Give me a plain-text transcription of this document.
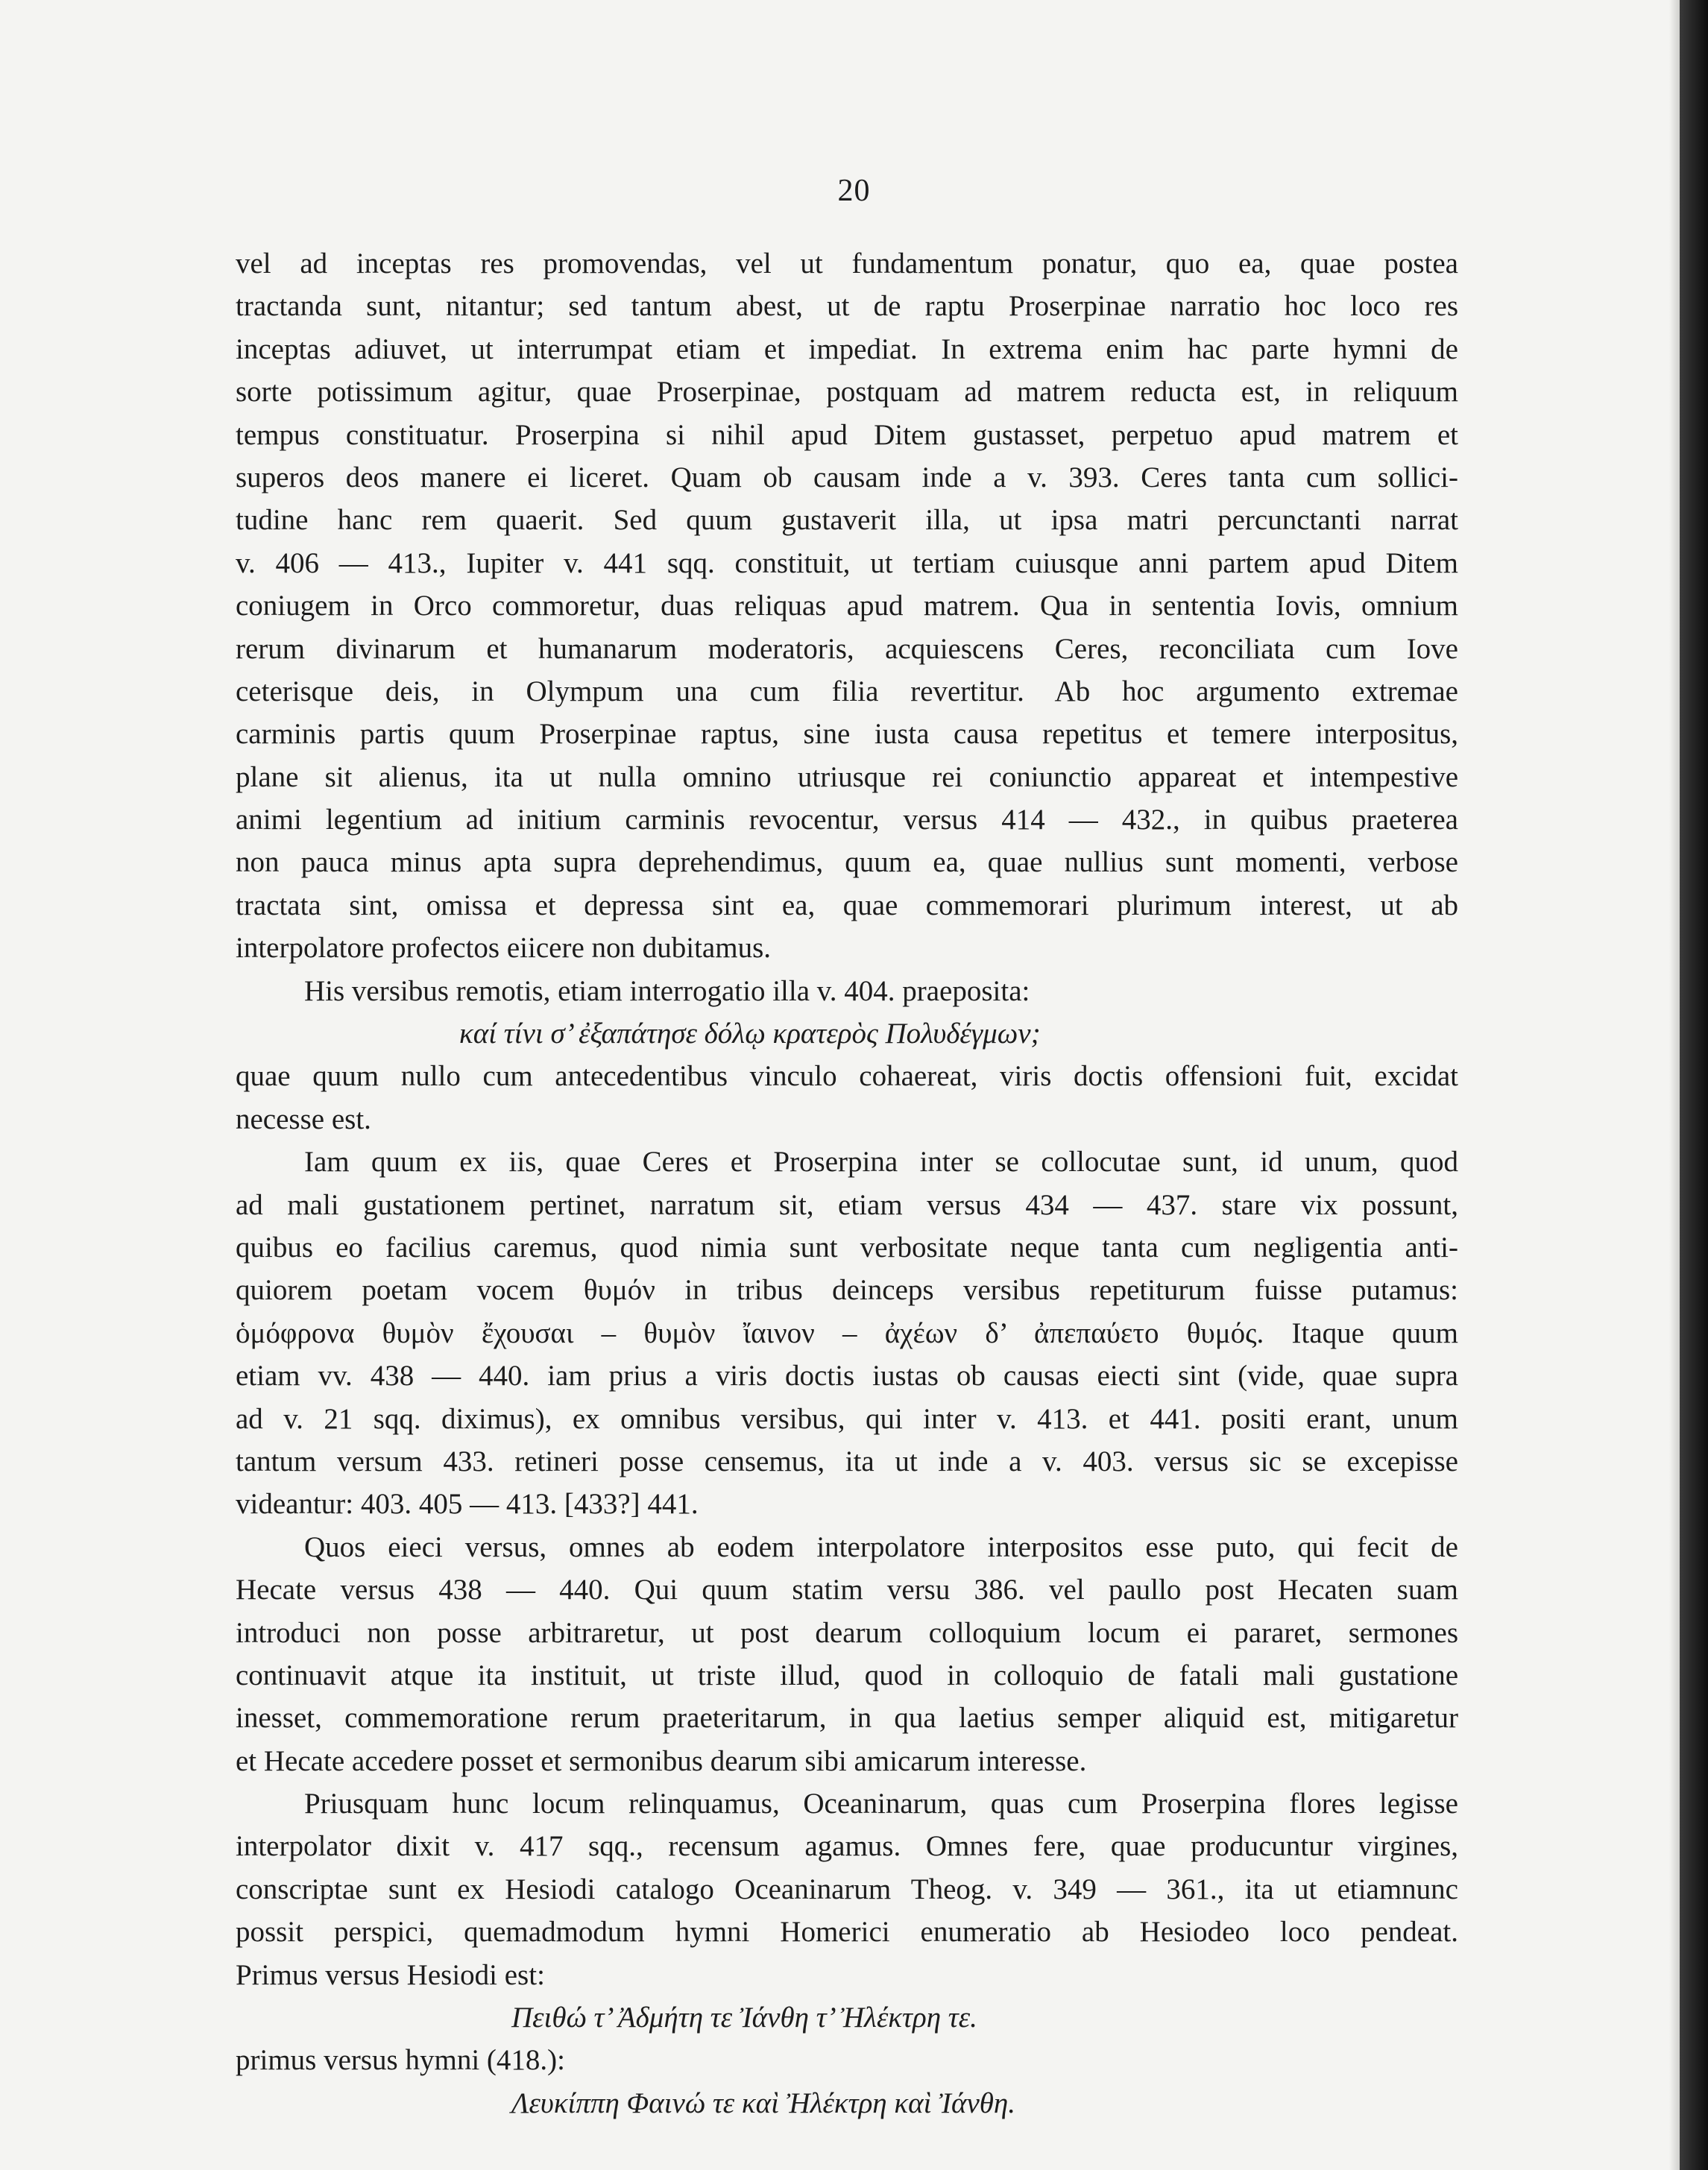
20
vel ad inceptas res promovendas, vel ut fundamentum ponatur, quo ea, quae postea
tractanda sunt, nitantur; sed tantum abest, ut de raptu Proserpinae narratio hoc loco res
inceptas adiuvet, ut interrumpat etiam et impediat. In extrema enim hac parte hymni de
sorte potissimum agitur, quae Proserpinae, postquam ad matrem reducta est, in reliquum
tempus constituatur. Proserpina si nihil apud Ditem gustasset, perpetuo apud matrem et
superos deos manere ei liceret. Quam ob causam inde a v. 393. Ceres tanta cum sollici-
tudine hanc rem quaerit. Sed quum gustaverit illa, ut ipsa matri percunctanti narrat
v. 406 — 413., Iupiter v. 441 sqq. constituit, ut tertiam cuiusque anni partem apud Ditem
coniugem in Orco commoretur, duas reliquas apud matrem. Qua in sententia Iovis, omnium
rerum divinarum et humanarum moderatoris, acquiescens Ceres, reconciliata cum Iove
ceterisque deis, in Olympum una cum filia revertitur. Ab hoc argumento extremae
carminis partis quum Proserpinae raptus, sine iusta causa repetitus et temere interpositus,
plane sit alienus, ita ut nulla omnino utriusque rei coniunctio appareat et intempestive
animi legentium ad initium carminis revocentur, versus 414 — 432., in quibus praeterea
non pauca minus apta supra deprehendimus, quum ea, quae nullius sunt momenti, verbose
tractata sint, omissa et depressa sint ea, quae commemorari plurimum interest, ut ab
interpolatore profectos eiicere non dubitamus.
His versibus remotis, etiam interrogatio illa v. 404. praeposita:
καί τίνι σ’ ἐξαπάτησε δόλῳ κρατερὸς Πολυδέγμων;
quae quum nullo cum antecedentibus vinculo cohaereat, viris doctis offensioni fuit, excidat
necesse est.
Iam quum ex iis, quae Ceres et Proserpina inter se collocutae sunt, id unum, quod
ad mali gustationem pertinet, narratum sit, etiam versus 434 — 437. stare vix possunt,
quibus eo facilius caremus, quod nimia sunt verbositate neque tanta cum negligentia anti-
quiorem poetam vocem θυμόν in tribus deinceps versibus repetiturum fuisse putamus:
ὁμόφρονα θυμὸν ἔχουσαι – θυμὸν ἴαινον – ἀχέων δ’ ἀπεπαύετο θυμός. Itaque quum
etiam vv. 438 — 440. iam prius a viris doctis iustas ob causas eiecti sint (vide, quae supra
ad v. 21 sqq. diximus), ex omnibus versibus, qui inter v. 413. et 441. positi erant, unum
tantum versum 433. retineri posse censemus, ita ut inde a v. 403. versus sic se excepisse
videantur: 403. 405 — 413. [433?] 441.
Quos eieci versus, omnes ab eodem interpolatore interpositos esse puto, qui fecit de
Hecate versus 438 — 440. Qui quum statim versu 386. vel paullo post Hecaten suam
introduci non posse arbitraretur, ut post dearum colloquium locum ei pararet, sermones
continuavit atque ita instituit, ut triste illud, quod in colloquio de fatali mali gustatione
inesset, commemoratione rerum praeteritarum, in qua laetius semper aliquid est, mitigaretur
et Hecate accedere posset et sermonibus dearum sibi amicarum interesse.
Priusquam hunc locum relinquamus, Oceaninarum, quas cum Proserpina flores legisse
interpolator dixit v. 417 sqq., recensum agamus. Omnes fere, quae producuntur virgines,
conscriptae sunt ex Hesiodi catalogo Oceaninarum Theog. v. 349 — 361., ita ut etiamnunc
possit perspici, quemadmodum hymni Homerici enumeratio ab Hesiodeo loco pendeat.
Primus versus Hesiodi est:
Πειθώ τ’ Ἀδμήτη τε Ἰάνθη τ’ Ἠλέκτρη τε.
primus versus hymni (418.):
Λευκίππη Φαινώ τε καὶ Ἠλέκτρη καὶ Ἰάνθη.
